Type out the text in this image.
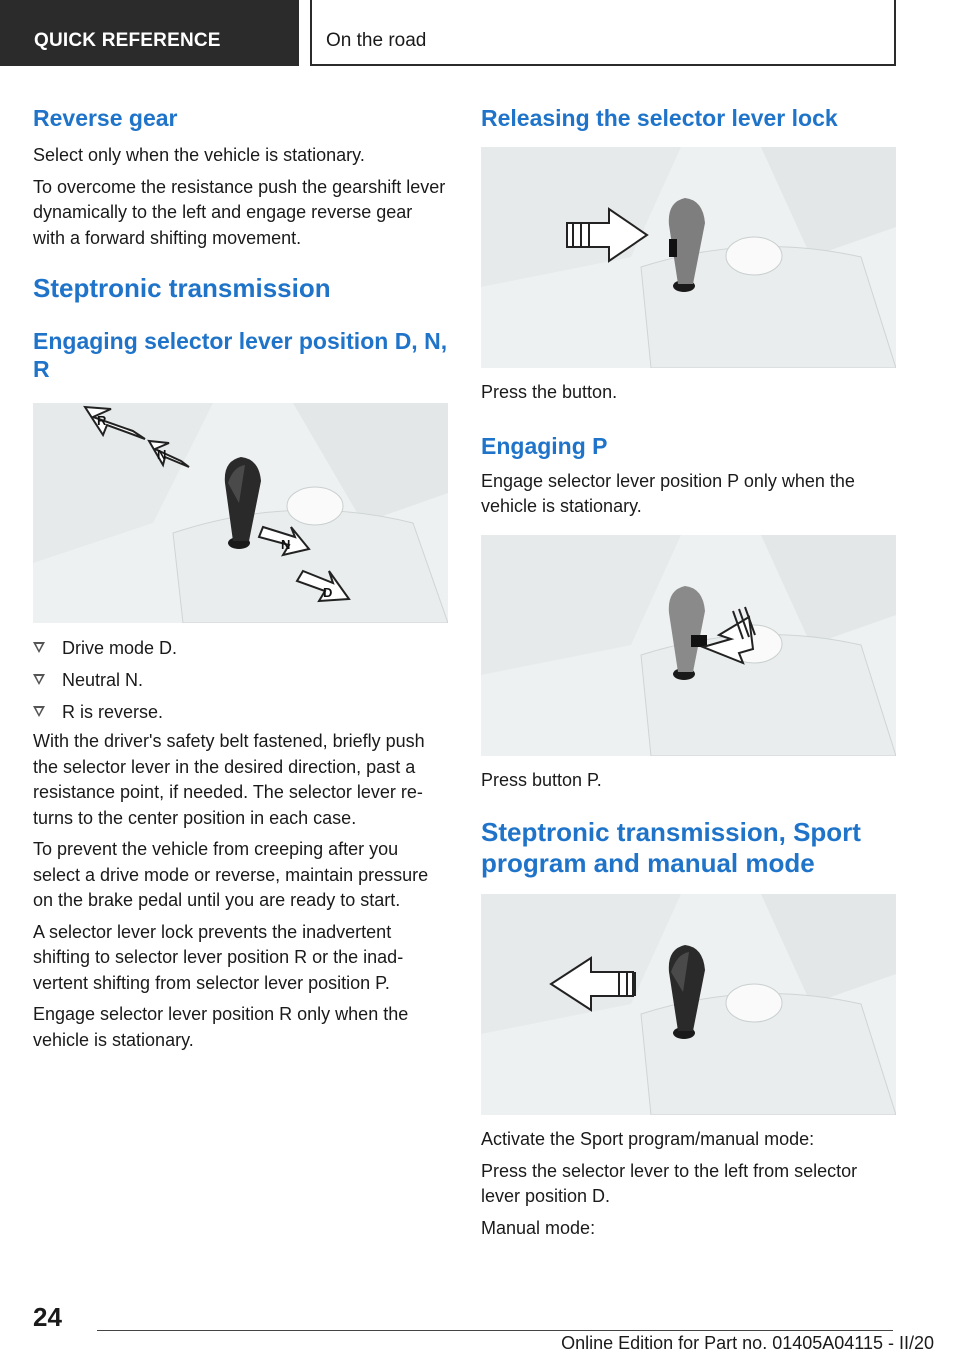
QUICK REFERENCE	On the road
Reverse gear

Select only when the vehicle is stationary.

To overcome the resistance push the gearshift lever dynamically to the left and engage reverse gear with a forward shifting movement.

Steptronic transmission
Engaging selector lever position D, N, R
R
N
N
D
Drive mode D.
Neutral N.
R is reverse.

With the driver's safety belt fastened, briefly push the selector lever in the desired direction, past a resistance point, if needed. The selector lever re‐turns to the center position in each case.

To prevent the vehicle from creeping after you select a drive mode or reverse, maintain pressure on the brake pedal until you are ready to start.

A selector lever lock prevents the inadvertent shifting to selector lever position R or the inad‐vertent shifting from selector lever position P.

Engage selector lever position R only when the vehicle is stationary.

Releasing the selector lever lock

Press the button.

Engaging P

Engage selector lever position P only when the vehicle is stationary.

Press button P.

Steptronic transmission, Sport program and manual mode

Activate the Sport program/manual mode:

Press the selector lever to the left from selector lever position D.

Manual mode:

24
Online Edition for Part no. 01405A04115 - II/20
